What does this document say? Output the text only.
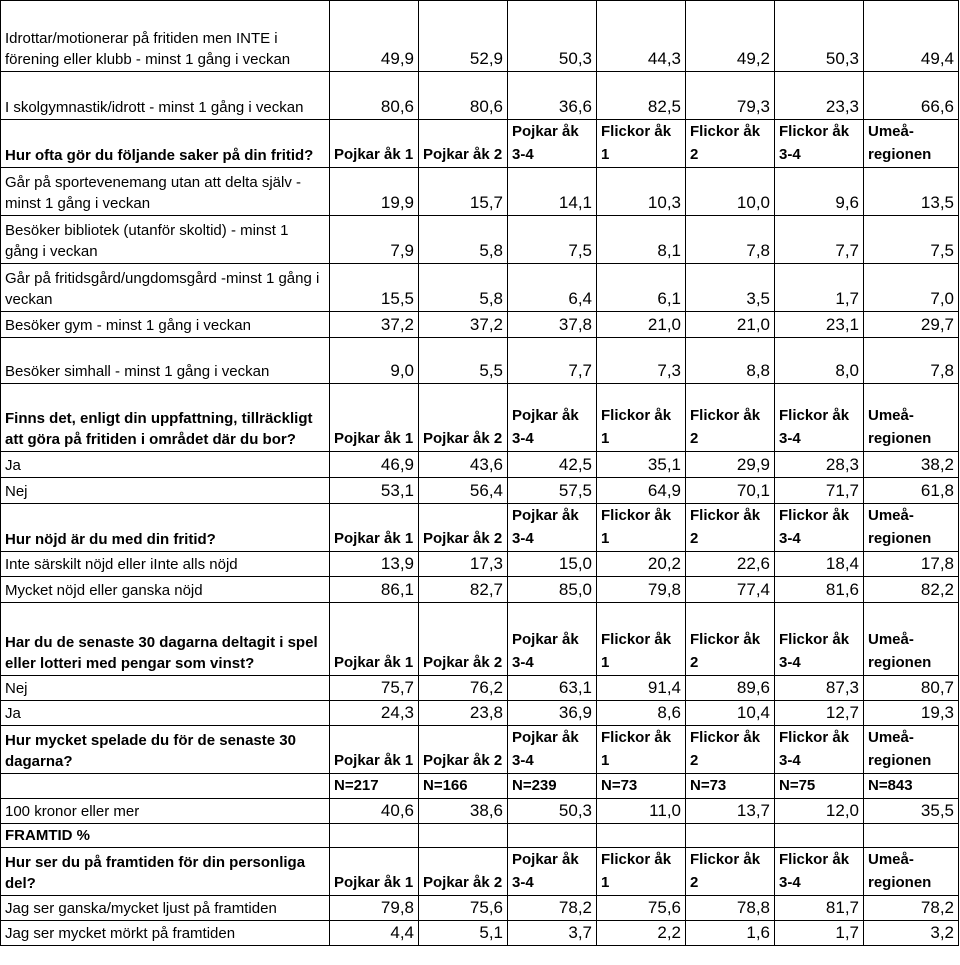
Idrottar/motionerar på fritiden men INTE i förening eller klubb - minst 1 gång i veckan	49,9	52,9	50,3	44,3	49,2	50,3	49,4
I skolgymnastik/idrott - minst 1 gång i veckan	80,6	80,6	36,6	82,5	79,3	23,3	66,6
Hur ofta gör du följande saker på din fritid?	Pojkar åk 1	Pojkar åk 2	Pojkar åk 3-4	Flickor åk 1	Flickor åk 2	Flickor åk 3-4	Umeå-regionen
Går på sportevenemang utan att delta själv - minst 1 gång i veckan	19,9	15,7	14,1	10,3	10,0	9,6	13,5
Besöker bibliotek (utanför skoltid) - minst 1 gång i veckan	7,9	5,8	7,5	8,1	7,8	7,7	7,5
Går på fritidsgård/ungdomsgård -minst 1 gång i veckan	15,5	5,8	6,4	6,1	3,5	1,7	7,0
Besöker gym - minst 1 gång i veckan	37,2	37,2	37,8	21,0	21,0	23,1	29,7
Besöker simhall - minst 1 gång i veckan	9,0	5,5	7,7	7,3	8,8	8,0	7,8
Finns det, enligt din uppfattning, tillräckligt att göra på fritiden i området där du bor?	Pojkar åk 1	Pojkar åk 2	Pojkar åk 3-4	Flickor åk 1	Flickor åk 2	Flickor åk 3-4	Umeå-regionen
Ja	46,9	43,6	42,5	35,1	29,9	28,3	38,2
Nej	53,1	56,4	57,5	64,9	70,1	71,7	61,8
Hur nöjd är du med din fritid?	Pojkar åk 1	Pojkar åk 2	Pojkar åk 3-4	Flickor åk 1	Flickor åk 2	Flickor åk 3-4	Umeå-regionen
Inte särskilt nöjd eller iInte alls nöjd	13,9	17,3	15,0	20,2	22,6	18,4	17,8
Mycket nöjd eller ganska nöjd	86,1	82,7	85,0	79,8	77,4	81,6	82,2
Har du de senaste 30 dagarna deltagit i spel eller lotteri med pengar som vinst?	Pojkar åk 1	Pojkar åk 2	Pojkar åk 3-4	Flickor åk 1	Flickor åk 2	Flickor åk 3-4	Umeå-regionen
Nej	75,7	76,2	63,1	91,4	89,6	87,3	80,7
Ja	24,3	23,8	36,9	8,6	10,4	12,7	19,3
Hur mycket spelade du för de senaste 30 dagarna?	Pojkar åk 1	Pojkar åk 2	Pojkar åk 3-4	Flickor åk 1	Flickor åk 2	Flickor åk 3-4	Umeå-regionen
	N=217	N=166	N=239	N=73	N=73	N=75	N=843
100 kronor eller mer	40,6	38,6	50,3	11,0	13,7	12,0	35,5
FRAMTID %							
Hur ser du på framtiden för din personliga del?	Pojkar åk 1	Pojkar åk 2	Pojkar åk 3-4	Flickor åk 1	Flickor åk 2	Flickor åk 3-4	Umeå-regionen
Jag ser ganska/mycket ljust på framtiden	79,8	75,6	78,2	75,6	78,8	81,7	78,2
Jag ser mycket mörkt på framtiden	4,4	5,1	3,7	2,2	1,6	1,7	3,2
